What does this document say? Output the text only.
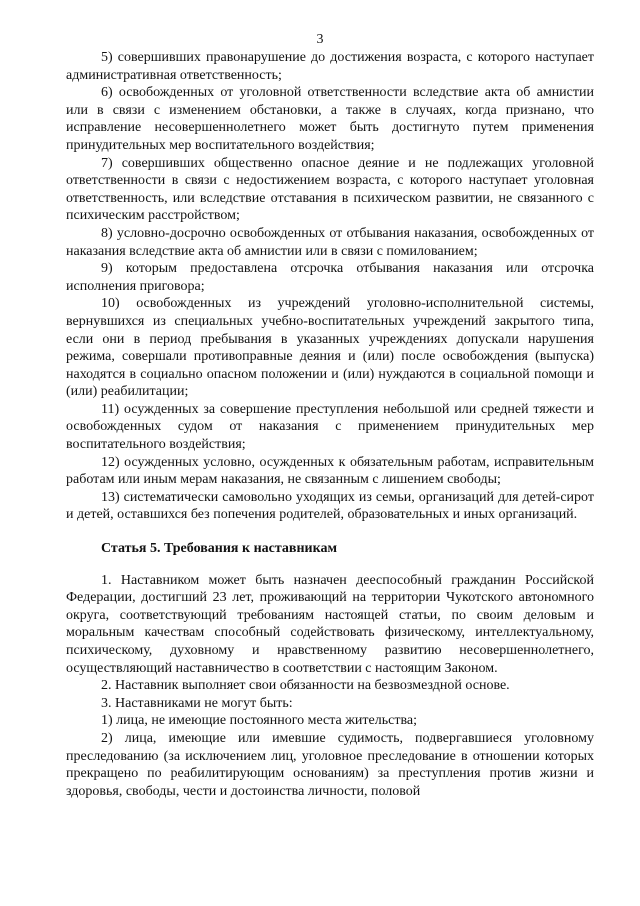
3

5) совершивших правонарушение до достижения возраста, с которого наступает административная ответственность;

6) освобожденных от уголовной ответственности вследствие акта об амнистии или в связи с изменением обстановки, а также в случаях, когда признано, что исправление несовершеннолетнего может быть достигнуто путем применения принудительных мер воспитательного воздействия;

7) совершивших общественно опасное деяние и не подлежащих уголовной ответственности в связи с недостижением возраста, с которого наступает уголовная ответственность, или вследствие отставания в психическом развитии, не связанного с психическим расстройством;

8) условно-досрочно освобожденных от отбывания наказания, освобожденных от наказания вследствие акта об амнистии или в связи с помилованием;

9) которым предоставлена отсрочка отбывания наказания или отсрочка исполнения приговора;

10) освобожденных из учреждений уголовно-исполнительной системы, вернувшихся из специальных учебно-воспитательных учреждений закрытого типа, если они в период пребывания в указанных учреждениях допускали нарушения режима, совершали противоправные деяния и (или) после освобождения (выпуска) находятся в социально опасном положении и (или) нуждаются в социальной помощи и (или) реабилитации;

11) осужденных за совершение преступления небольшой или средней тяжести и освобожденных судом от наказания с применением принудительных мер воспитательного воздействия;

12) осужденных условно, осужденных к обязательным работам, исправительным работам или иным мерам наказания, не связанным с лишением свободы;

13) систематически самовольно уходящих из семьи, организаций для детей-сирот и детей, оставшихся без попечения родителей, образовательных и иных организаций.

Статья 5. Требования к наставникам

1. Наставником может быть назначен дееспособный гражданин Российской Федерации, достигший 23 лет, проживающий на территории Чукотского автономного округа, соответствующий требованиям настоящей статьи, по своим деловым и моральным качествам способный содействовать физическому, интеллектуальному, психическому, духовному и нравственному развитию несовершеннолетнего, осуществляющий наставничество в соответствии с настоящим Законом.

2. Наставник выполняет свои обязанности на безвозмездной основе.

3. Наставниками не могут быть:

1) лица, не имеющие постоянного места жительства;

2) лица, имеющие или имевшие судимость, подвергавшиеся уголовному преследованию (за исключением лиц, уголовное преследование в отношении которых прекращено по реабилитирующим основаниям) за преступления против жизни и здоровья, свободы, чести и достоинства личности, половой
